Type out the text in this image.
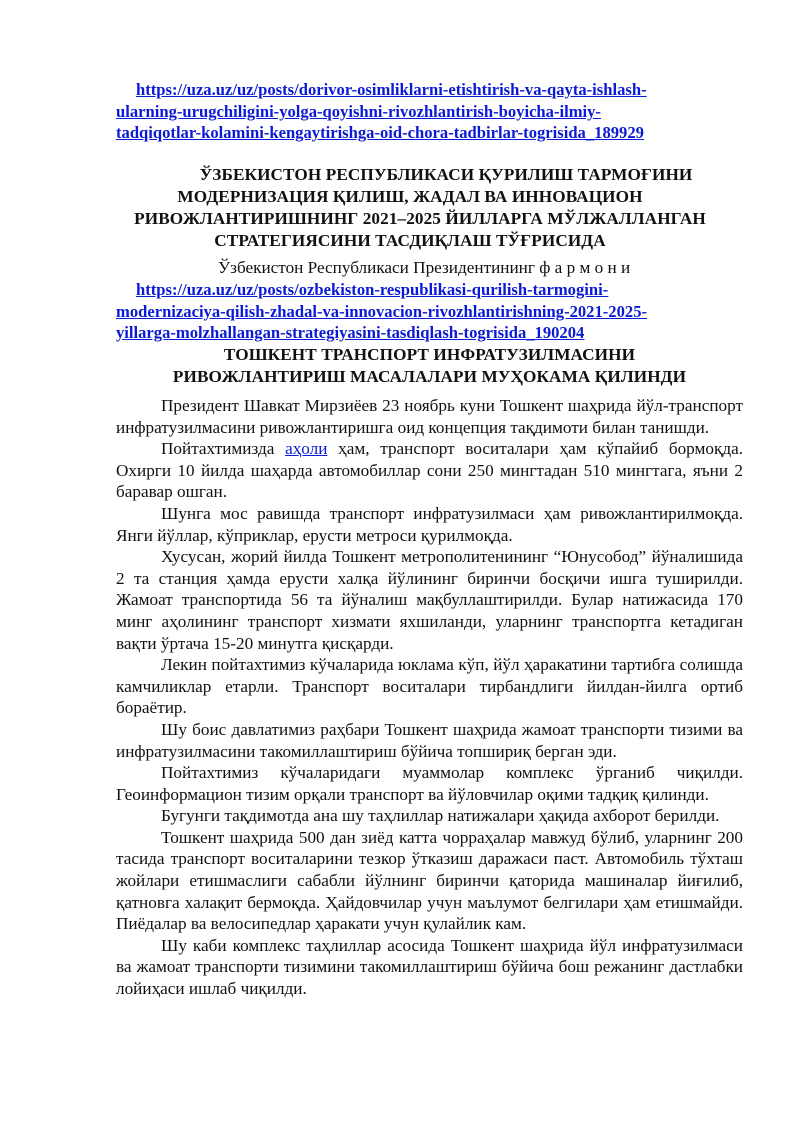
https://uza.uz/uz/posts/dorivor-osimliklarni-etishtirish-va-qayta-ishlash-
ularning-urugchiligini-yolga-qoyishni-rivozhlantirish-boyicha-ilmiy-
tadqiqotlar-kolamini-kengaytirishga-oid-chora-tadbirlar-togrisida_189929
ЎЗБЕКИСТОН РЕСПУБЛИКАСИ ҚУРИЛИШ ТАРМОҒИНИ
МОДЕРНИЗАЦИЯ ҚИЛИШ, ЖАДАЛ ВА ИННОВАЦИОН
РИВОЖЛАНТИРИШНИНГ 2021–2025 ЙИЛЛАРГА МЎЛЖАЛЛАНГАН
СТРАТЕГИЯСИНИ ТАСДИҚЛАШ ТЎҒРИСИДА
Ўзбекистон Республикаси Президентининг ф а р м о н и
https://uza.uz/uz/posts/ozbekiston-respublikasi-qurilish-tarmogini-
modernizaciya-qilish-zhadal-va-innovacion-rivozhlantirishning-2021-2025-
yillarga-molzhallangan-strategiyasini-tasdiqlash-togrisida_190204
ТОШКЕНТ ТРАНСПОРТ ИНФРАТУЗИЛМАСИНИ
РИВОЖЛАНТИРИШ МАСАЛАЛАРИ МУҲОКАМА ҚИЛИНДИ

Президент Шавкат Мирзиёев 23 ноябрь куни Тошкент шаҳрида йўл-транспорт инфратузилмасини ривожлантиришга оид концепция тақдимоти билан танишди.

Пойтахтимизда аҳоли ҳам, транспорт воситалари ҳам кўпайиб бормоқда. Охирги 10 йилда шаҳарда автомобиллар сони 250 мингтадан 510 мингтага, яъни 2 баравар ошган.

Шунга мос равишда транспорт инфратузилмаси ҳам ривожлантирилмоқда. Янги йўллар, кўприклар, ерусти метроси қурилмоқда.

Хусусан, жорий йилда Тошкент метрополитенининг “Юнусобод” йўналишида 2 та станция ҳамда ерусти халқа йўлининг биринчи босқичи ишга туширилди. Жамоат транспортида 56 та йўналиш мақбуллаштирилди. Булар натижасида 170 минг аҳолининг транспорт хизмати яхшиланди, уларнинг транспортга кетадиган вақти ўртача 15-20 минутга қисқарди.

Лекин пойтахтимиз кўчаларида юклама кўп, йўл ҳаракатини тартибга солишда камчиликлар етарли. Транспорт воситалари тирбандлиги йилдан-йилга ортиб бораётир.

Шу боис давлатимиз раҳбари Тошкент шаҳрида жамоат транспорти тизими ва инфратузилмасини такомиллаштириш бўйича топшириқ берган эди.

Пойтахтимиз кўчаларидаги муаммолар комплекс ўрганиб чиқилди. Геоинформацион тизим орқали транспорт ва йўловчилар оқими тадқиқ қилинди.

Бугунги тақдимотда ана шу таҳлиллар натижалари ҳақида ахборот берилди.

Тошкент шаҳрида 500 дан зиёд катта чорраҳалар мавжуд бўлиб, уларнинг 200 тасида транспорт воситаларини тезкор ўтказиш даражаси паст. Автомобиль тўхташ жойлари етишмаслиги сабабли йўлнинг биринчи қаторида машиналар йиғилиб, қатновга халақит бермоқда. Ҳайдовчилар учун маълумот белгилари ҳам етишмайди. Пиёдалар ва велосипедлар ҳаракати учун қулайлик кам.

Шу каби комплекс таҳлиллар асосида Тошкент шаҳрида йўл инфратузилмаси ва жамоат транспорти тизимини такомиллаштириш бўйича бош режанинг дастлабки лойиҳаси ишлаб чиқилди.
